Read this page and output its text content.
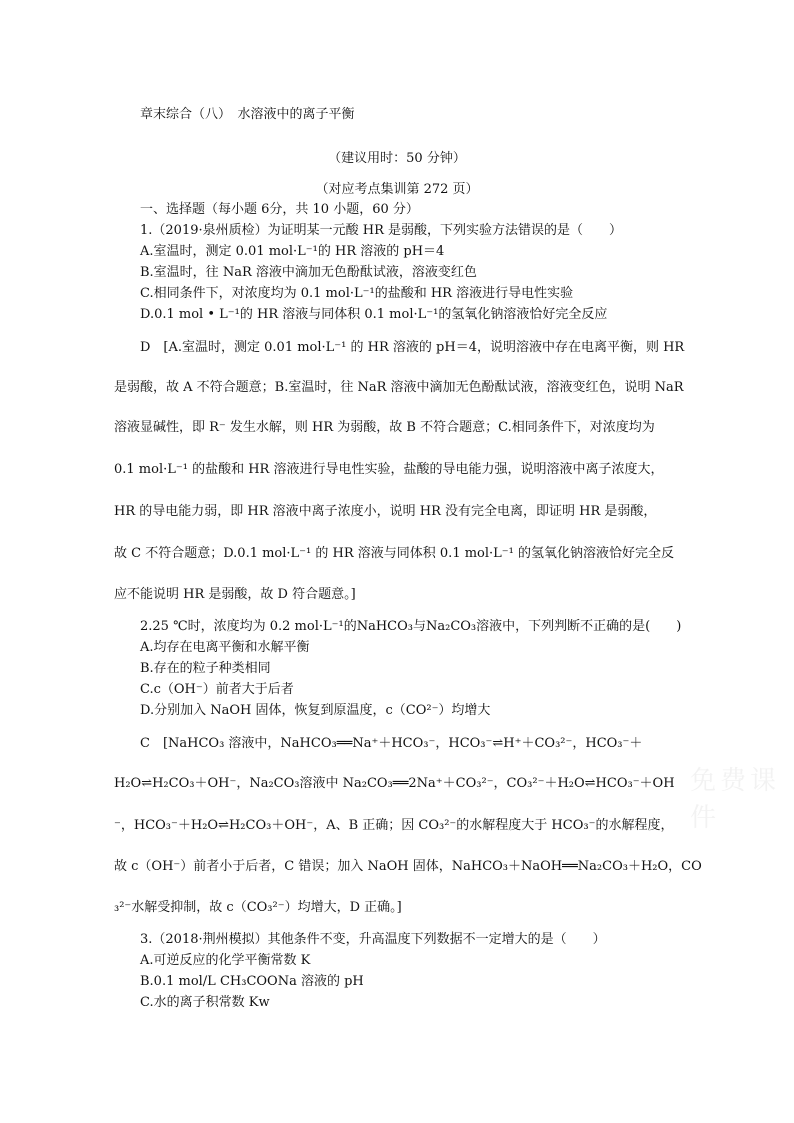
章末综合（八）　水溶液中的离子平衡
（建议用时：50 分钟）
（对应考点集训第 272 页）
一、选择题（每小题 6分，共 10 小题，60 分）
1.（2019·泉州质检）为证明某一元酸 HR 是弱酸，下列实验方法错误的是（　　）
A.室温时，测定 0.01 mol·L⁻¹的 HR 溶液的 pH＝4
B.室温时，往 NaR 溶液中滴加无色酚酞试液，溶液变红色
C.相同条件下，对浓度均为 0.1 mol·L⁻¹的盐酸和 HR 溶液进行导电性实验
D.0.1 mol • L⁻¹的 HR 溶液与同体积 0.1 mol·L⁻¹的氢氧化钠溶液恰好完全反应
D　[A.室温时，测定 0.01 mol·L⁻¹ 的 HR 溶液的 pH＝4，说明溶液中存在电离平衡，则 HR
是弱酸，故 A 不符合题意；B.室温时，往 NaR 溶液中滴加无色酚酞试液，溶液变红色，说明 NaR
溶液显碱性，即 R⁻ 发生水解，则 HR 为弱酸，故 B 不符合题意；C.相同条件下，对浓度均为
0.1 mol·L⁻¹ 的盐酸和 HR 溶液进行导电性实验，盐酸的导电能力强，说明溶液中离子浓度大，
HR 的导电能力弱，即 HR 溶液中离子浓度小，说明 HR 没有完全电离，即证明 HR 是弱酸，
故 C 不符合题意；D.0.1 mol·L⁻¹ 的 HR 溶液与同体积 0.1 mol·L⁻¹ 的氢氧化钠溶液恰好完全反
应不能说明 HR 是弱酸，故 D 符合题意。]
2.25 ℃时，浓度均为 0.2 mol·L⁻¹的NaHCO₃与Na₂CO₃溶液中，下列判断不正确的是(　　)
A.均存在电离平衡和水解平衡
B.存在的粒子种类相同
C.c（OH⁻）前者大于后者
D.分别加入 NaOH 固体，恢复到原温度，c（CO²⁻）均增大
C　[NaHCO₃ 溶液中，NaHCO₃══Na⁺＋HCO₃⁻，HCO₃⁻⇌H⁺＋CO₃²⁻，HCO₃⁻＋
H₂O⇌H₂CO₃＋OH⁻，Na₂CO₃溶液中 Na₂CO₃══2Na⁺＋CO₃²⁻，CO₃²⁻＋H₂O⇌HCO₃⁻＋OH
⁻，HCO₃⁻＋H₂O⇌H₂CO₃＋OH⁻，A、B 正确；因 CO₃²⁻的水解程度大于 HCO₃⁻的水解程度，
故 c（OH⁻）前者小于后者，C 错误；加入 NaOH 固体，NaHCO₃＋NaOH══Na₂CO₃＋H₂O，CO
₃²⁻水解受抑制，故 c（CO₃²⁻）均增大，D 正确。]
3.（2018·荆州模拟）其他条件不变，升高温度下列数据不一定增大的是（　　）
A.可逆反应的化学平衡常数 K
B.0.1 mol/L CH₃COONa 溶液的 pH
C.水的离子积常数 Kw
免费课件
